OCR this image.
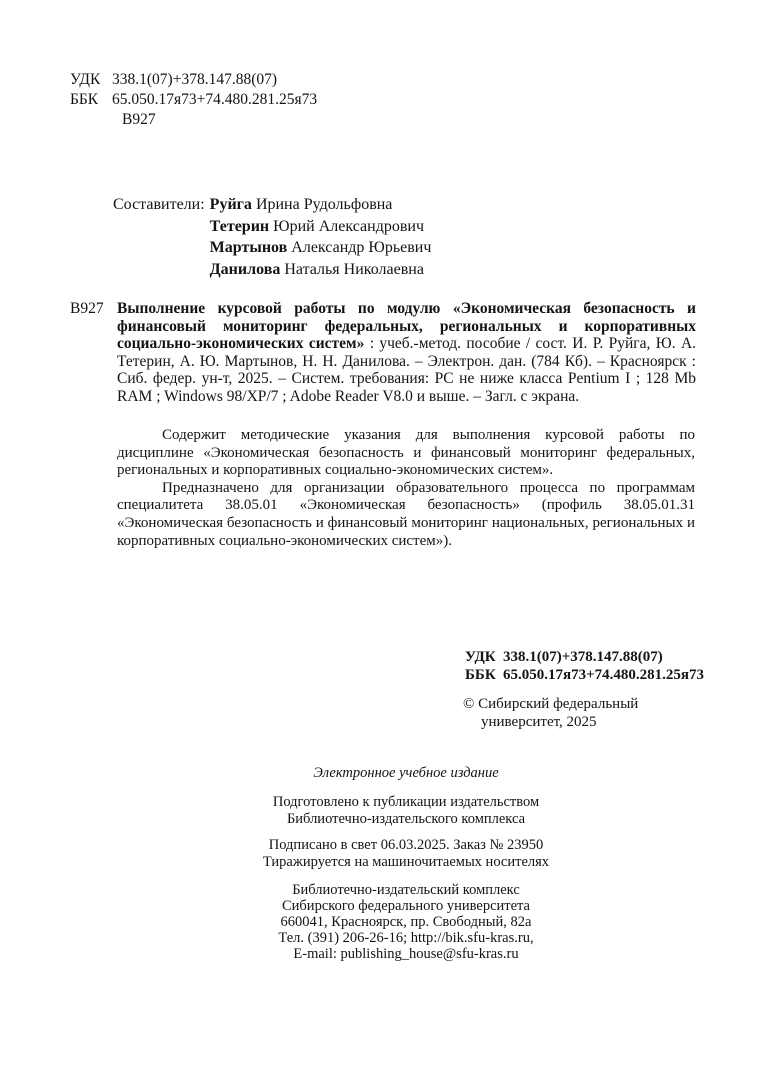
УДК 338.1(07)+378.147.88(07)
ББК 65.050.17я73+74.480.281.25я73
В927
Составители: Руйга Ирина Рудольфовна
Тетерин Юрий Александрович
Мартынов Александр Юрьевич
Данилова Наталья Николаевна
В927 Выполнение курсовой работы по модулю «Экономическая безопасность и финансовый мониторинг федеральных, региональных и корпоративных социально-экономических систем» : учеб.-метод. пособие / сост. И. Р. Руйга, Ю. А. Тетерин, А. Ю. Мартынов, Н. Н. Данилова. – Электрон. дан. (784 Кб). – Красноярск : Сиб. федер. ун-т, 2025. – Систем. требования: PC не ниже класса Pentium I ; 128 Mb RAM ; Windows 98/XP/7 ; Adobe Reader V8.0 и выше. – Загл. с экрана.

Содержит методические указания для выполнения курсовой работы по дисциплине «Экономическая безопасность и финансовый мониторинг федеральных, региональных и корпоративных социально-экономических систем».

Предназначено для организации образовательного процесса по программам специалитета 38.05.01 «Экономическая безопасность» (профиль 38.05.01.31 «Экономическая безопасность и финансовый мониторинг национальных, региональных и корпоративных социально-экономических систем»).

УДК 338.1(07)+378.147.88(07)
ББК 65.050.17я73+74.480.281.25я73
© Сибирский федеральный
университет, 2025
Электронное учебное издание
Подготовлено к публикации издательством
Библиотечно-издательского комплекса
Подписано в свет 06.03.2025. Заказ № 23950
Тиражируется на машиночитаемых носителях
Библиотечно-издательский комплекс
Сибирского федерального университета
660041, Красноярск, пр. Свободный, 82а
Тел. (391) 206-26-16; http://bik.sfu-kras.ru,
E-mail: publishing_house@sfu-kras.ru
